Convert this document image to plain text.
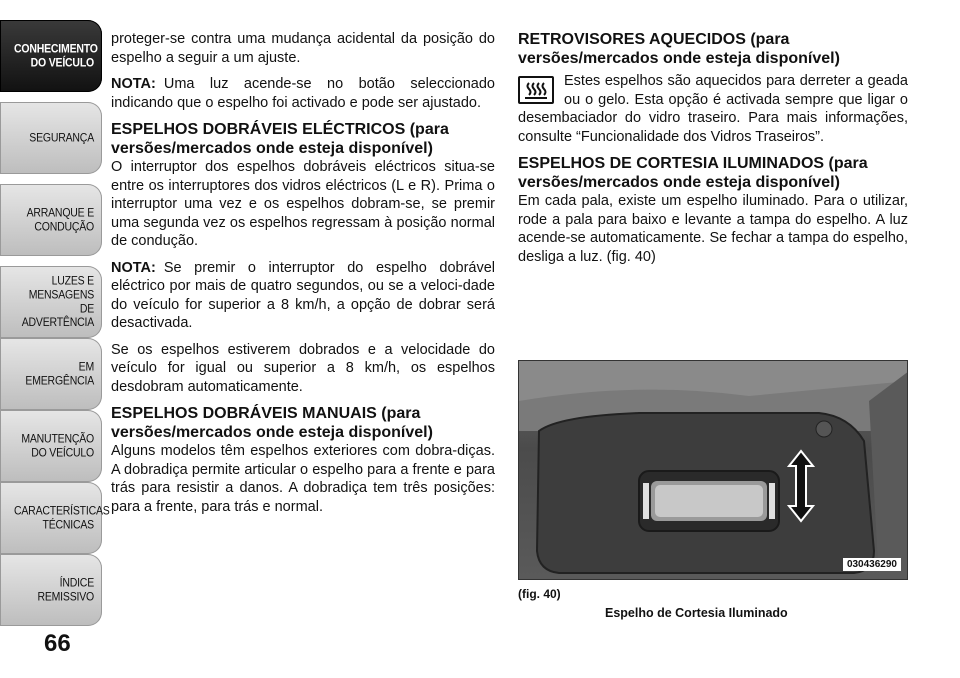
CONHECIMENTO DO VEÍCULO
SEGURANÇA
ARRANQUE E CONDUÇÃO
LUZES E MENSAGENS DE ADVERTÊNCIA
EM EMERGÊNCIA
MANUTENÇÃO DO VEÍCULO
CARACTERÍSTICAS TÉCNICAS
ÍNDICE REMISSIVO
66

proteger-se contra uma mudança acidental da posição do espelho a seguir a um ajuste.

NOTA: Uma luz acende-se no botão seleccionado indicando que o espelho foi activado e pode ser ajustado.

ESPELHOS DOBRÁVEIS ELÉCTRICOS (para versões/mercados onde esteja disponível)

O interruptor dos espelhos dobráveis eléctricos situa-se entre os interruptores dos vidros eléctricos (L e R). Prima o interruptor uma vez e os espelhos dobram-se, se premir uma segunda vez os espelhos regressam à posição normal de condução.

NOTA: Se premir o interruptor do espelho dobrável eléctrico por mais de quatro segundos, ou se a veloci-dade do veículo for superior a 8 km/h, a opção de dobrar será desactivada.

Se os espelhos estiverem dobrados e a velocidade do veículo for igual ou superior a 8 km/h, os espelhos desdobram automaticamente.

ESPELHOS DOBRÁVEIS MANUAIS (para versões/mercados onde esteja disponível)

Alguns modelos têm espelhos exteriores com dobra-diças. A dobradiça permite articular o espelho para a frente e para trás para resistir a danos. A dobradiça tem três posições: para a frente, para trás e normal.

RETROVISORES AQUECIDOS (para versões/mercados onde esteja disponível)

Estes espelhos são aquecidos para derreter a geada ou o gelo. Esta opção é activada sempre que ligar o desembaciador do vidro traseiro. Para mais informações, consulte “Funcionalidade dos Vidros Traseiros”.

ESPELHOS DE CORTESIA ILUMINADOS (para versões/mercados onde esteja disponível)

Em cada pala, existe um espelho iluminado. Para o utilizar, rode a pala para baixo e levante a tampa do espelho. A luz acende-se automaticamente. Se fechar a tampa do espelho, desliga a luz. (fig. 40)

030436290
(fig. 40)
Espelho de Cortesia Iluminado
